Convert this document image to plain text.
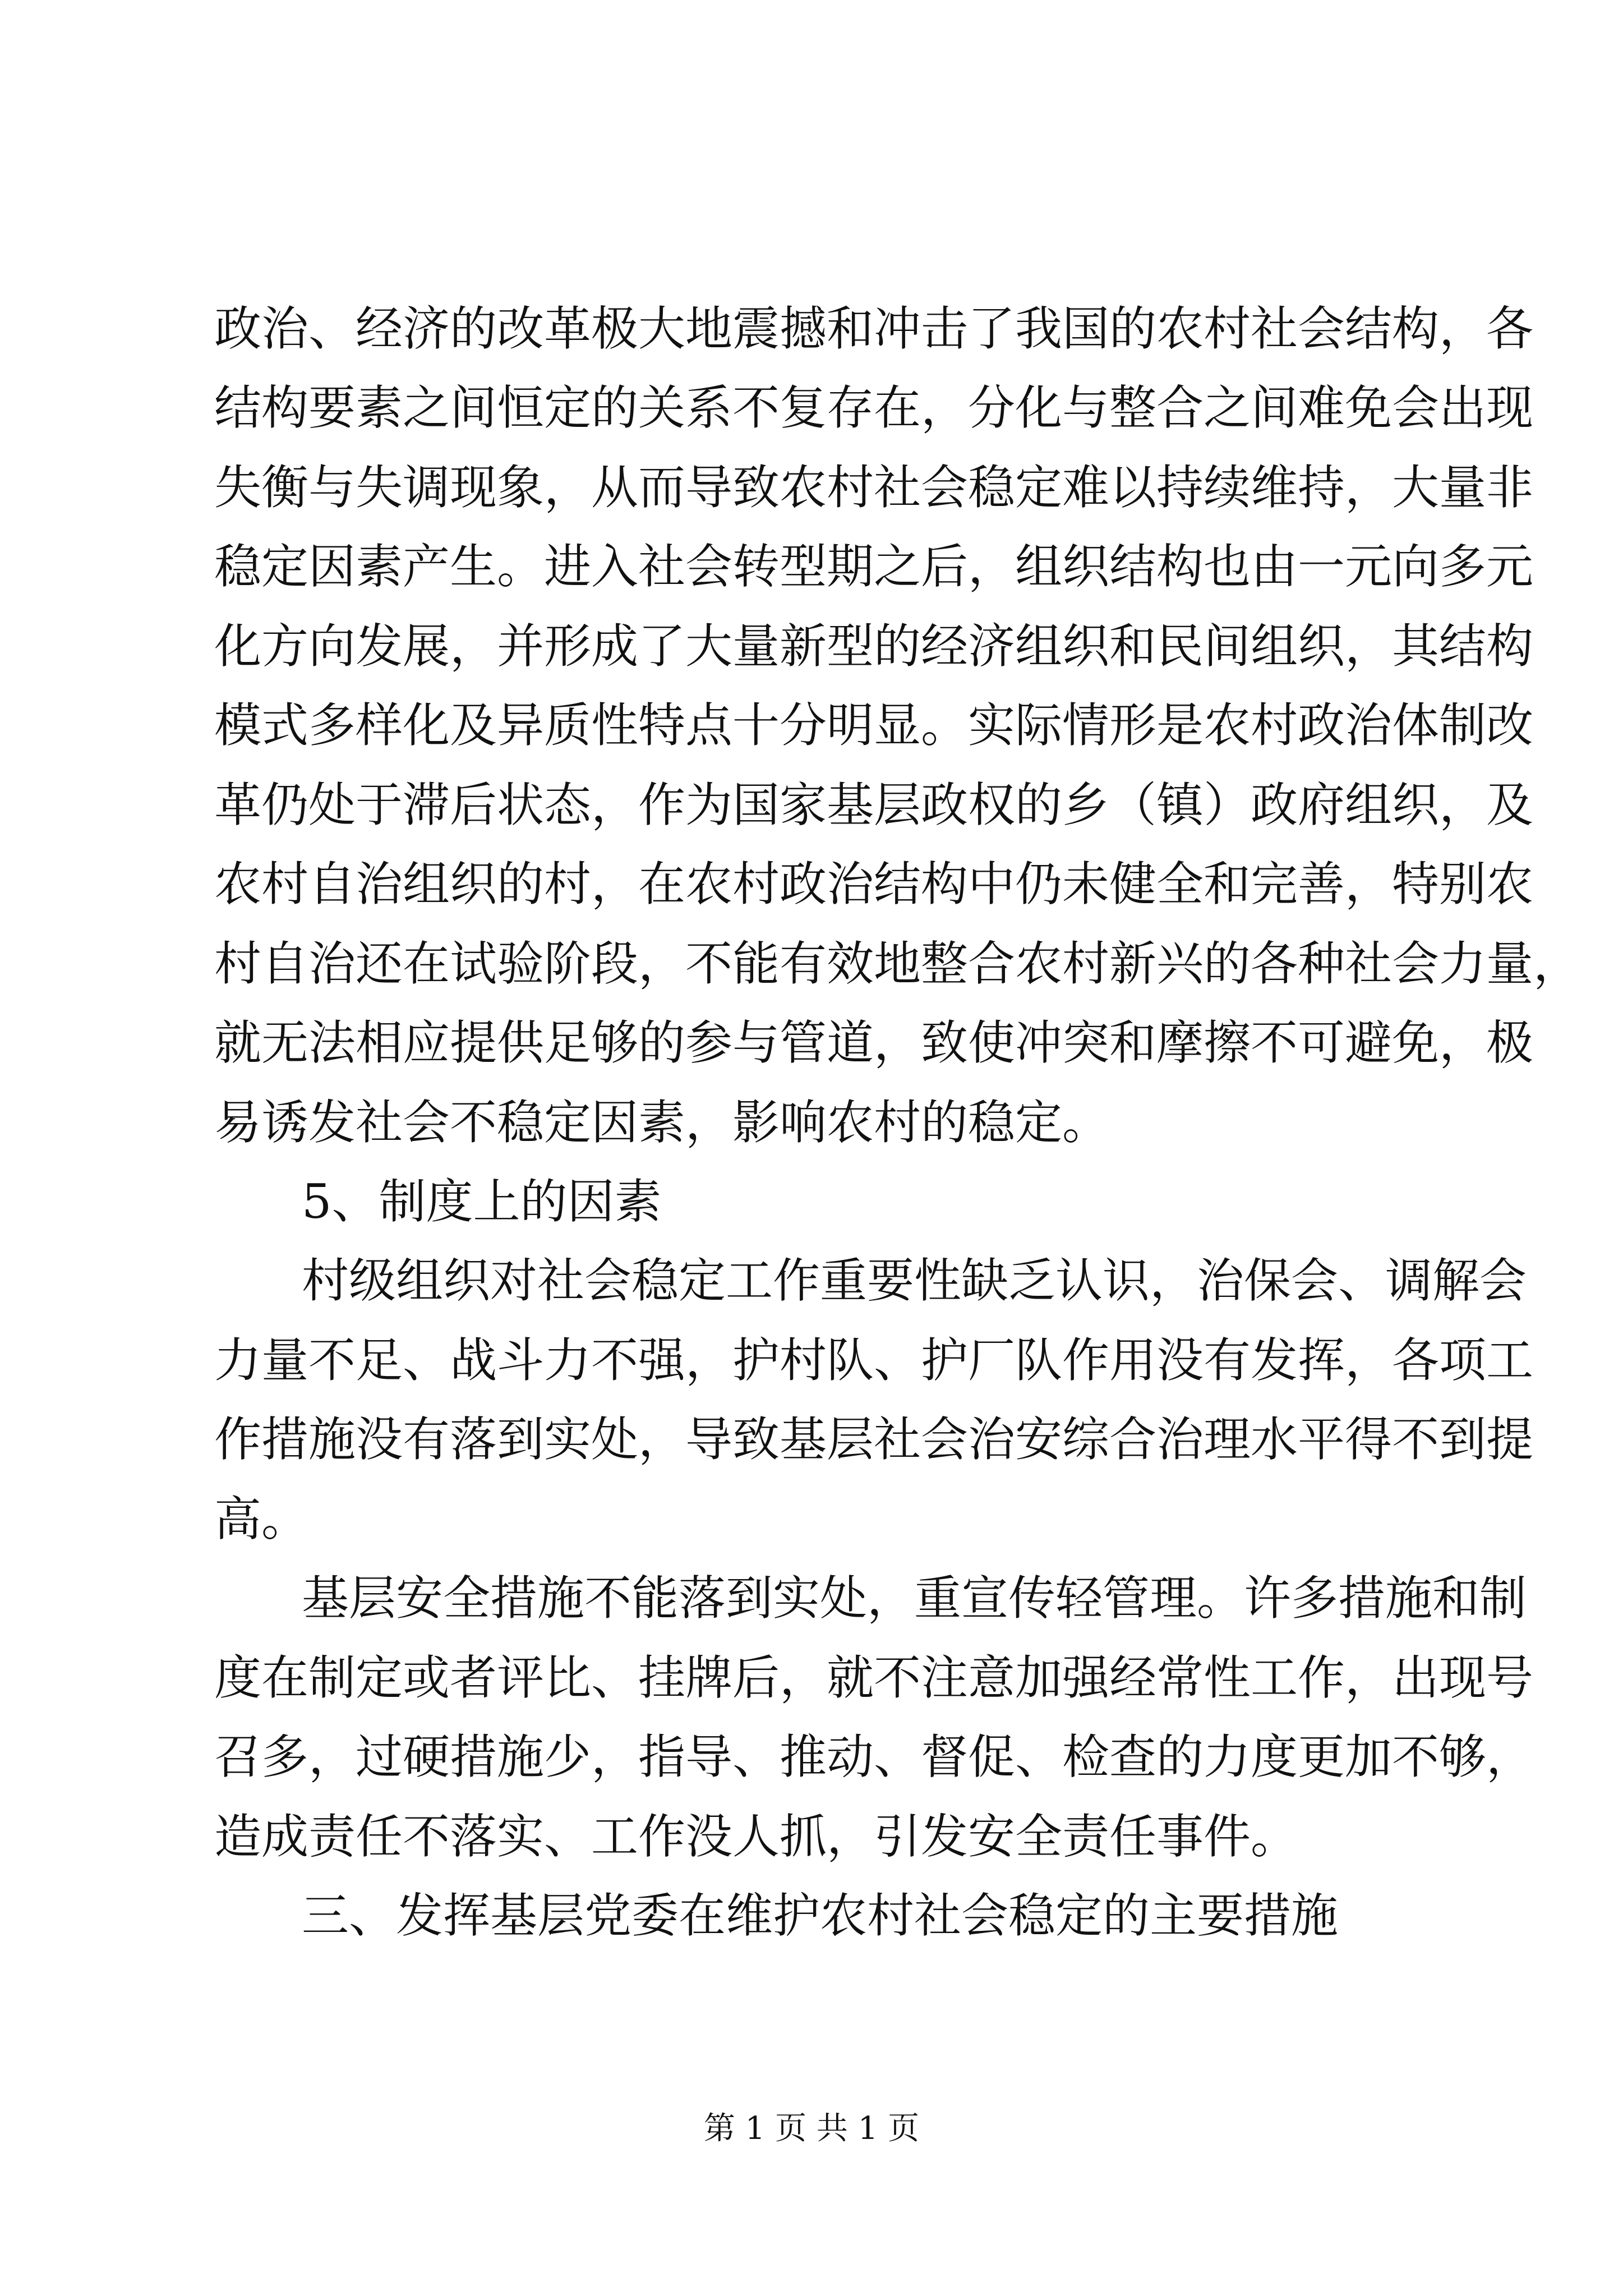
政治、经济的改革极大地震撼和冲击了我国的农村社会结构，各
结构要素之间恒定的关系不复存在，分化与整合之间难免会出现
失衡与失调现象，从而导致农村社会稳定难以持续维持，大量非
稳定因素产生。进入社会转型期之后，组织结构也由一元向多元
化方向发展，并形成了大量新型的经济组织和民间组织，其结构
模式多样化及异质性特点十分明显。实际情形是农村政治体制改
革仍处于滞后状态，作为国家基层政权的乡（镇）政府组织，及
农村自治组织的村，在农村政治结构中仍未健全和完善，特别农
村自治还在试验阶段，不能有效地整合农村新兴的各种社会力量，
就无法相应提供足够的参与管道，致使冲突和摩擦不可避免，极
易诱发社会不稳定因素，影响农村的稳定。
5、制度上的因素
村级组织对社会稳定工作重要性缺乏认识，治保会、调解会
力量不足、战斗力不强，护村队、护厂队作用没有发挥，各项工
作措施没有落到实处，导致基层社会治安综合治理水平得不到提
高。
基层安全措施不能落到实处，重宣传轻管理。许多措施和制
度在制定或者评比、挂牌后，就不注意加强经常性工作，出现号
召多，过硬措施少，指导、推动、督促、检查的力度更加不够，
造成责任不落实、工作没人抓，引发安全责任事件。
三、发挥基层党委在维护农村社会稳定的主要措施
第 1 页 共 1 页
